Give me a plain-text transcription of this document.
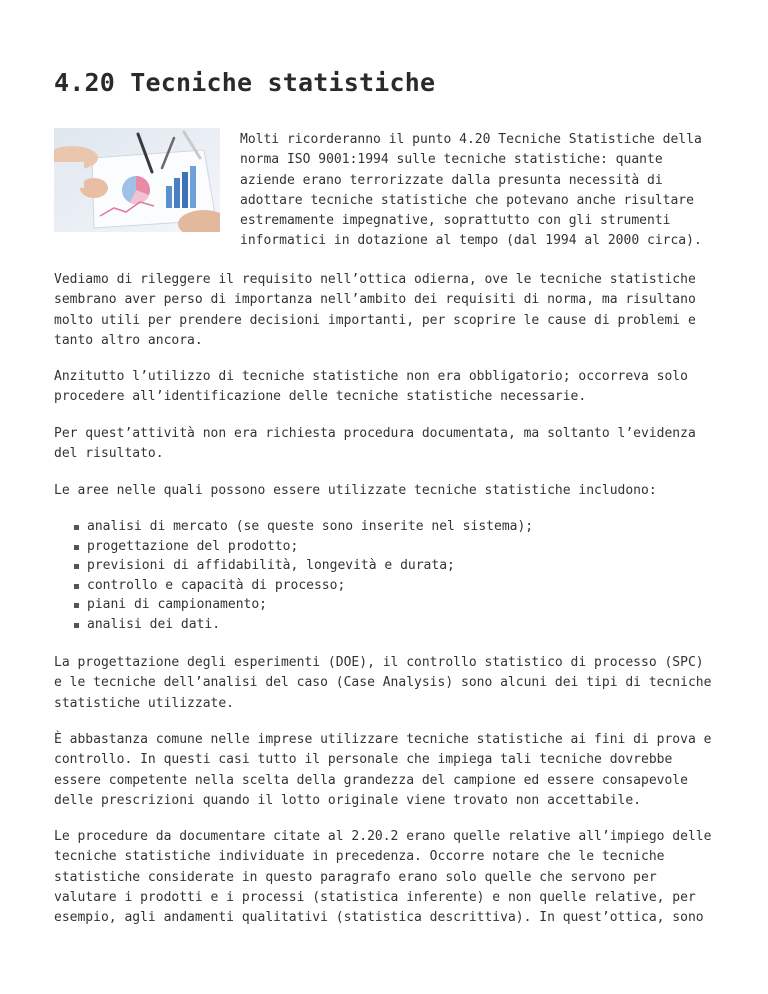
4.20 Tecniche statistiche

Molti ricorderanno il punto 4.20 Tecniche Statistiche della

norma ISO 9001:1994 sulle tecniche statistiche: quante

aziende erano terrorizzate dalla presunta necessità di

adottare tecniche statistiche che potevano anche risultare

estremamente impegnative, soprattutto con gli strumenti

informatici in dotazione al tempo (dal 1994 al 2000 circa).

Vediamo di rileggere il requisito nell’ottica odierna, ove le tecniche statistiche

sembrano aver perso di importanza nell’ambito dei requisiti di norma, ma risultano

molto utili per prendere decisioni importanti, per scoprire le cause di problemi e

tanto altro ancora.

Anzitutto l’utilizzo di tecniche statistiche non era obbligatorio; occorreva solo

procedere all’identificazione delle tecniche statistiche necessarie.

Per quest’attività non era richiesta procedura documentata, ma soltanto l’evidenza

del risultato.

Le aree nelle quali possono essere utilizzate tecniche statistiche includono:

analisi di mercato (se queste sono inserite nel sistema);
progettazione del prodotto;
previsioni di affidabilità, longevità e durata;
controllo e capacità di processo;
piani di campionamento;
analisi dei dati.

La progettazione degli esperimenti (DOE), il controllo statistico di processo (SPC)

e le tecniche dell’analisi del caso (Case Analysis) sono alcuni dei tipi di tecniche

statistiche utilizzate.

È abbastanza comune nelle imprese utilizzare tecniche statistiche ai fini di prova e

controllo. In questi casi tutto il personale che impiega tali tecniche dovrebbe

essere competente nella scelta della grandezza del campione ed essere consapevole

delle prescrizioni quando il lotto originale viene trovato non accettabile.

Le procedure da documentare citate al 2.20.2 erano quelle relative all’impiego delle

tecniche statistiche individuate in precedenza. Occorre notare che le tecniche

statistiche considerate in questo paragrafo erano solo quelle che servono per

valutare i prodotti e i processi (statistica inferente) e non quelle relative, per

esempio, agli andamenti qualitativi (statistica descrittiva). In quest’ottica, sono
